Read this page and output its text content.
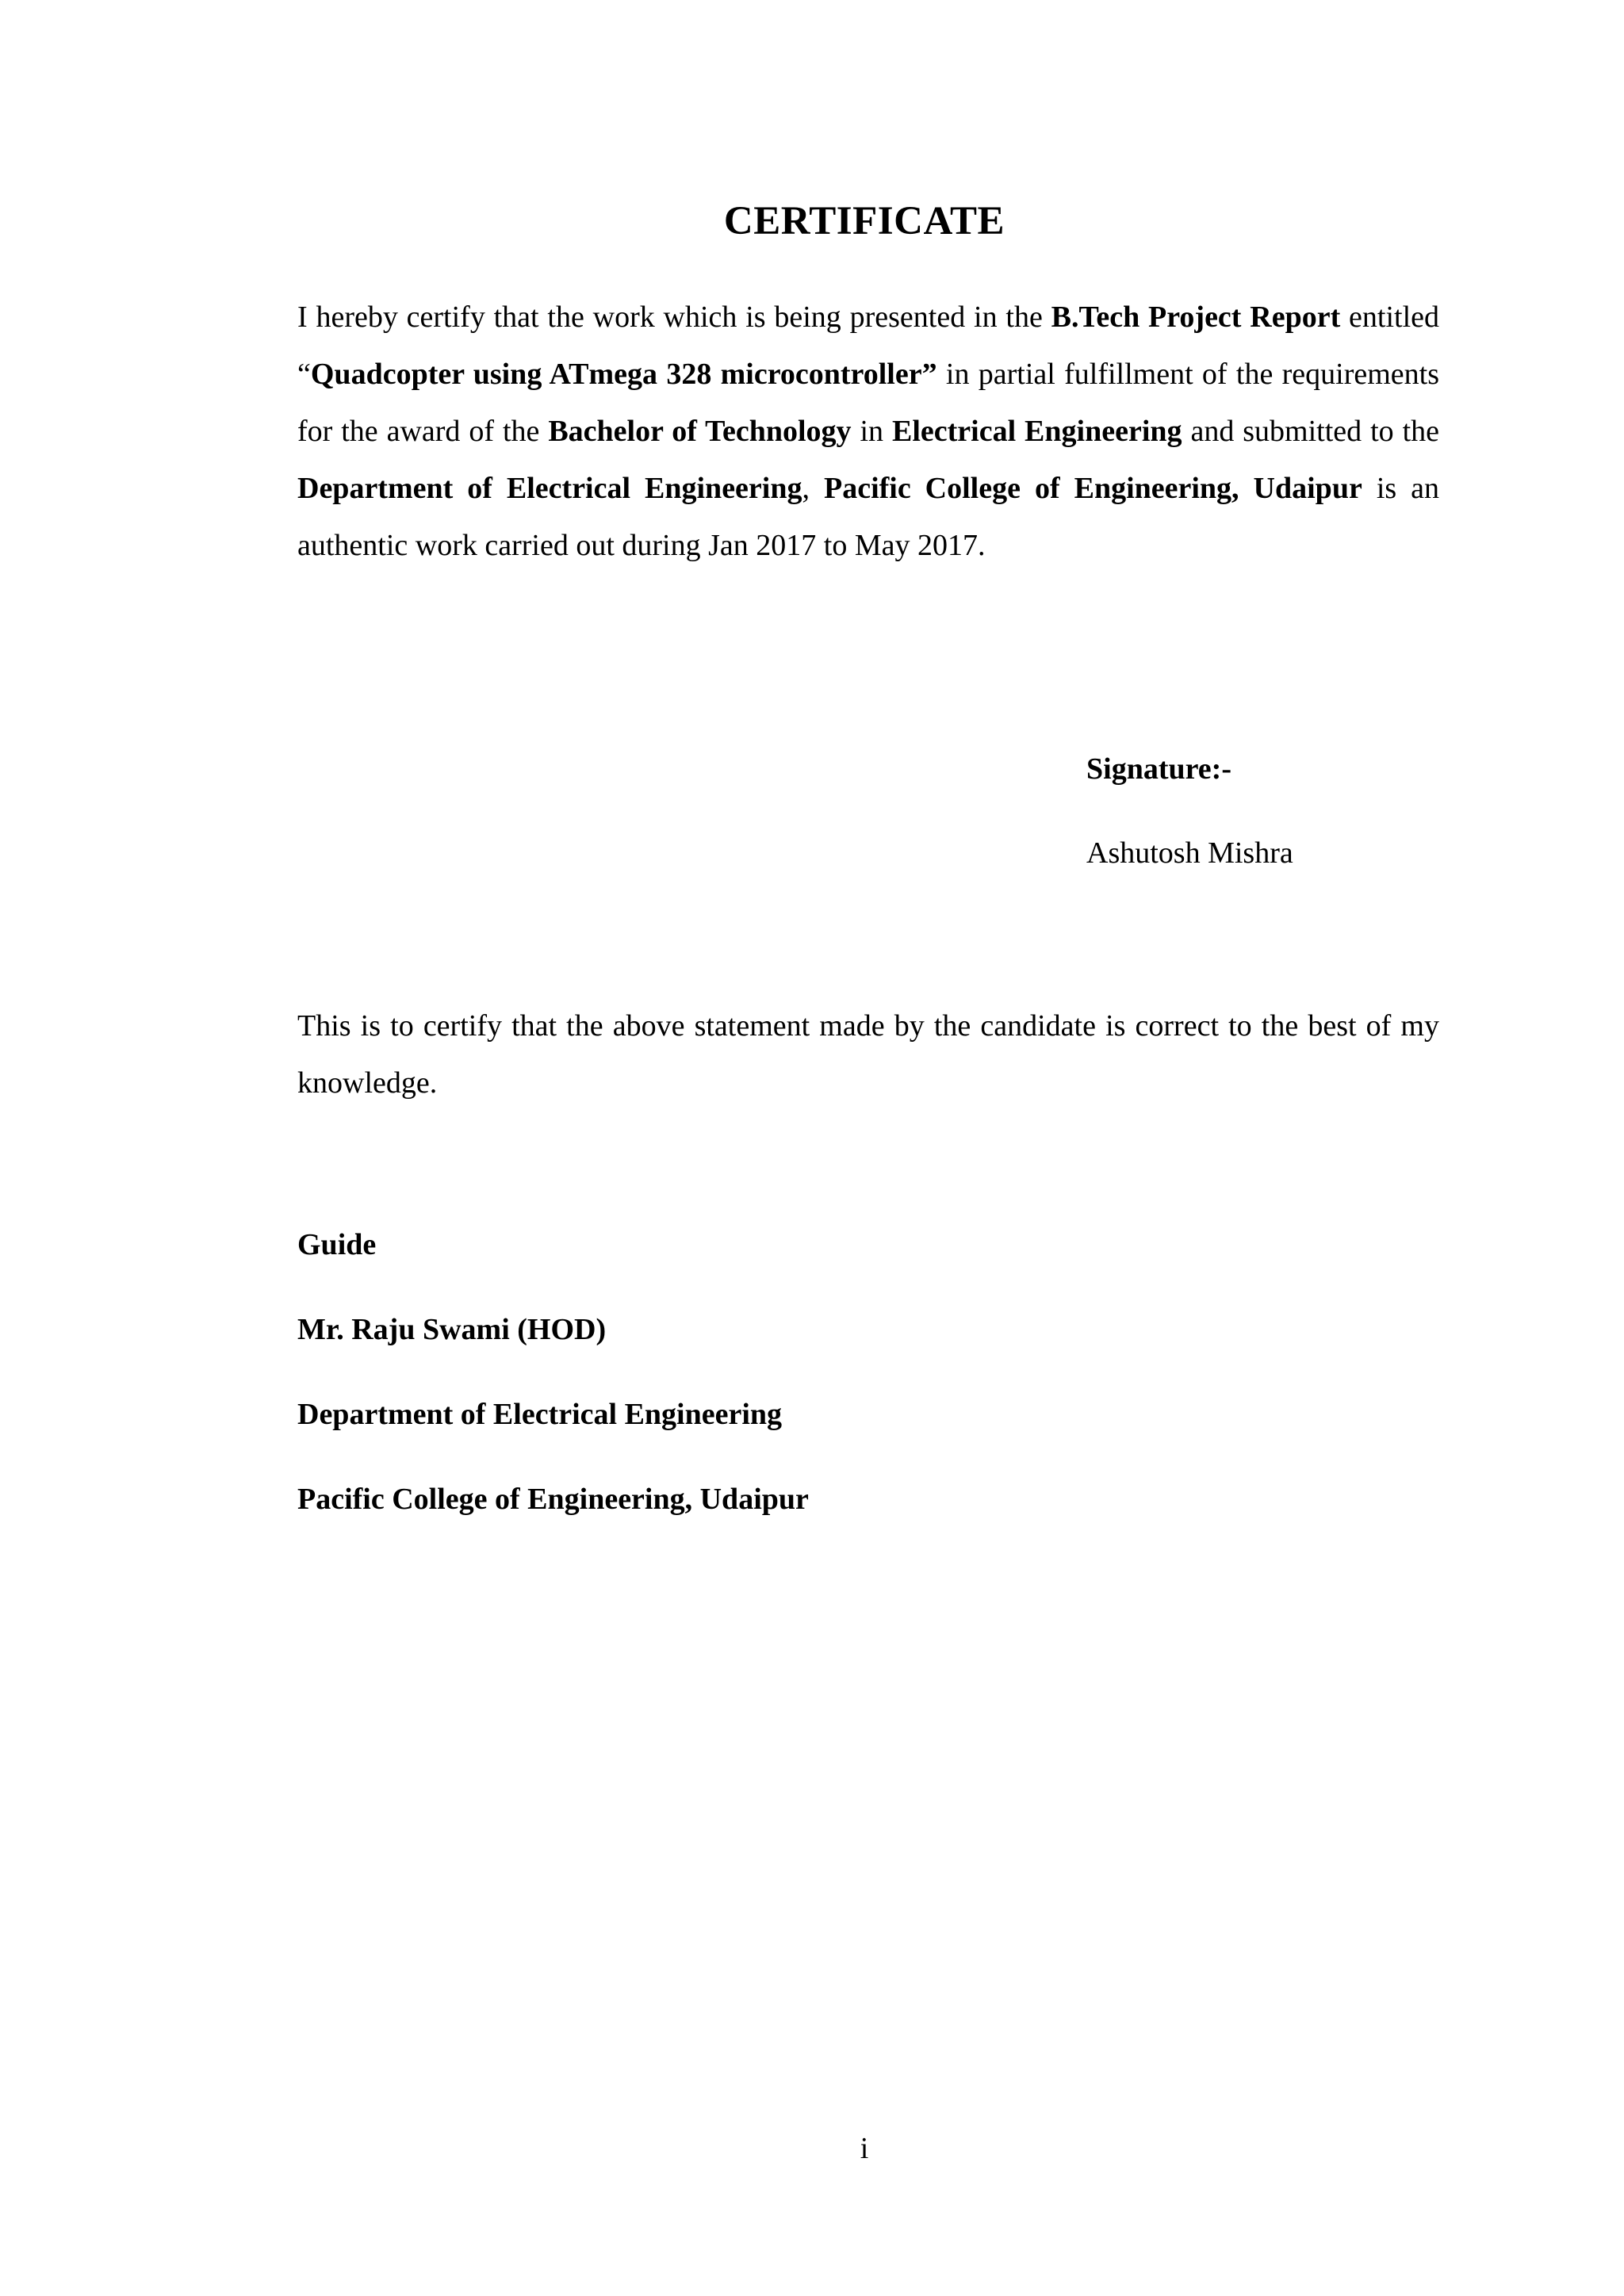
CERTIFICATE

I hereby certify that the work which is being presented in the B.Tech Project Report entitled “Quadcopter using ATmega 328 microcontroller” in partial fulfillment of the requirements for the award of the Bachelor of Technology in Electrical Engineering and submitted to the Department of Electrical Engineering, Pacific College of Engineering, Udaipur is an authentic work carried out during Jan 2017 to May 2017.

Signature:-
Ashutosh Mishra

This is to certify that the above statement made by the candidate is correct to the best of my knowledge.

Guide
Mr. Raju Swami (HOD)
Department of Electrical Engineering
Pacific College of Engineering, Udaipur
i
